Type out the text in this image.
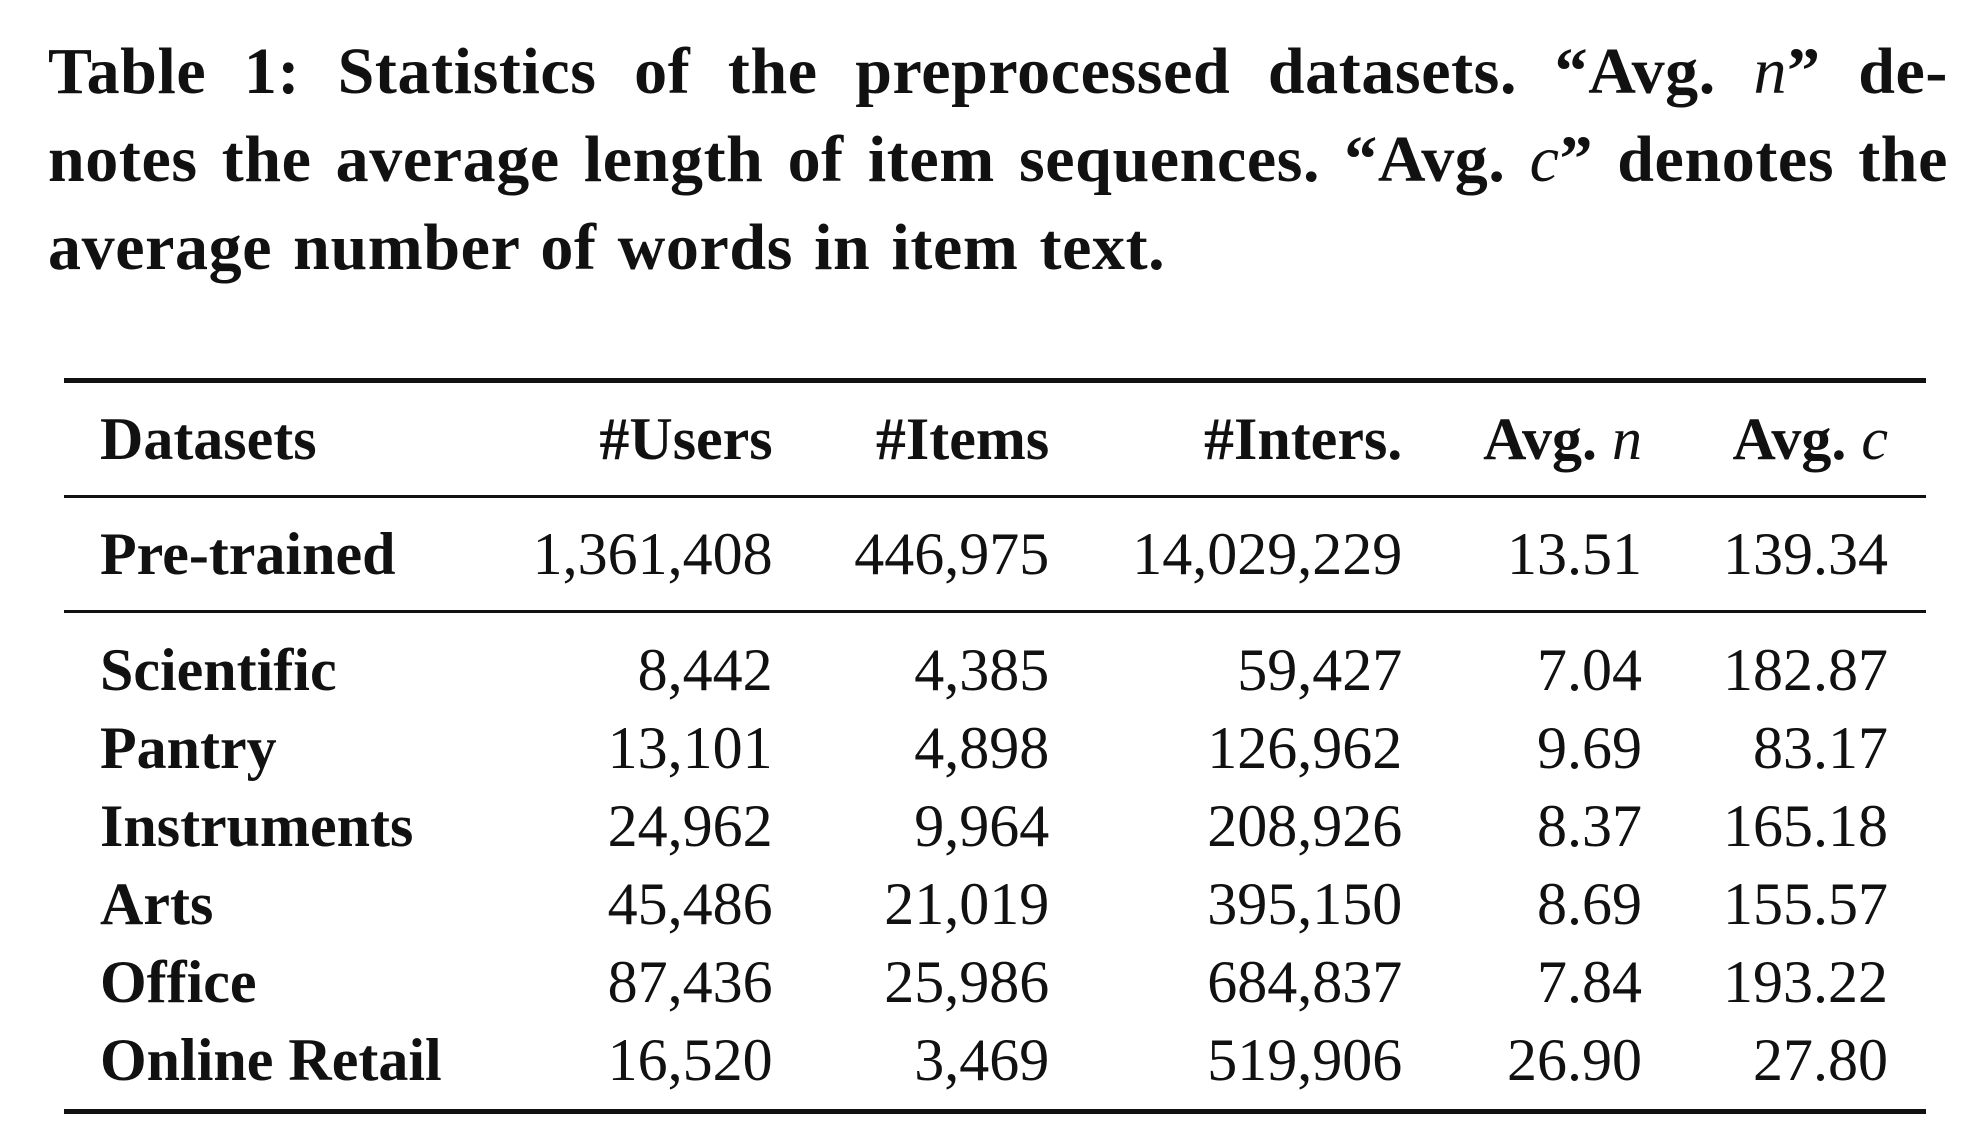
Table 1: Statistics of the preprocessed datasets. “Avg. n” de-notes the average length of item sequences. “Avg. c” denotes the average number of words in item text.
Datasets	#Users	#Items	#Inters.	Avg. n	Avg. c
Pre-trained	1,361,408	446,975	14,029,229	13.51	139.34
Scientific	8,442	4,385	59,427	7.04	182.87
Pantry	13,101	4,898	126,962	9.69	83.17
Instruments	24,962	9,964	208,926	8.37	165.18
Arts	45,486	21,019	395,150	8.69	155.57
Office	87,436	25,986	684,837	7.84	193.22
Online Retail	16,520	3,469	519,906	26.90	27.80
